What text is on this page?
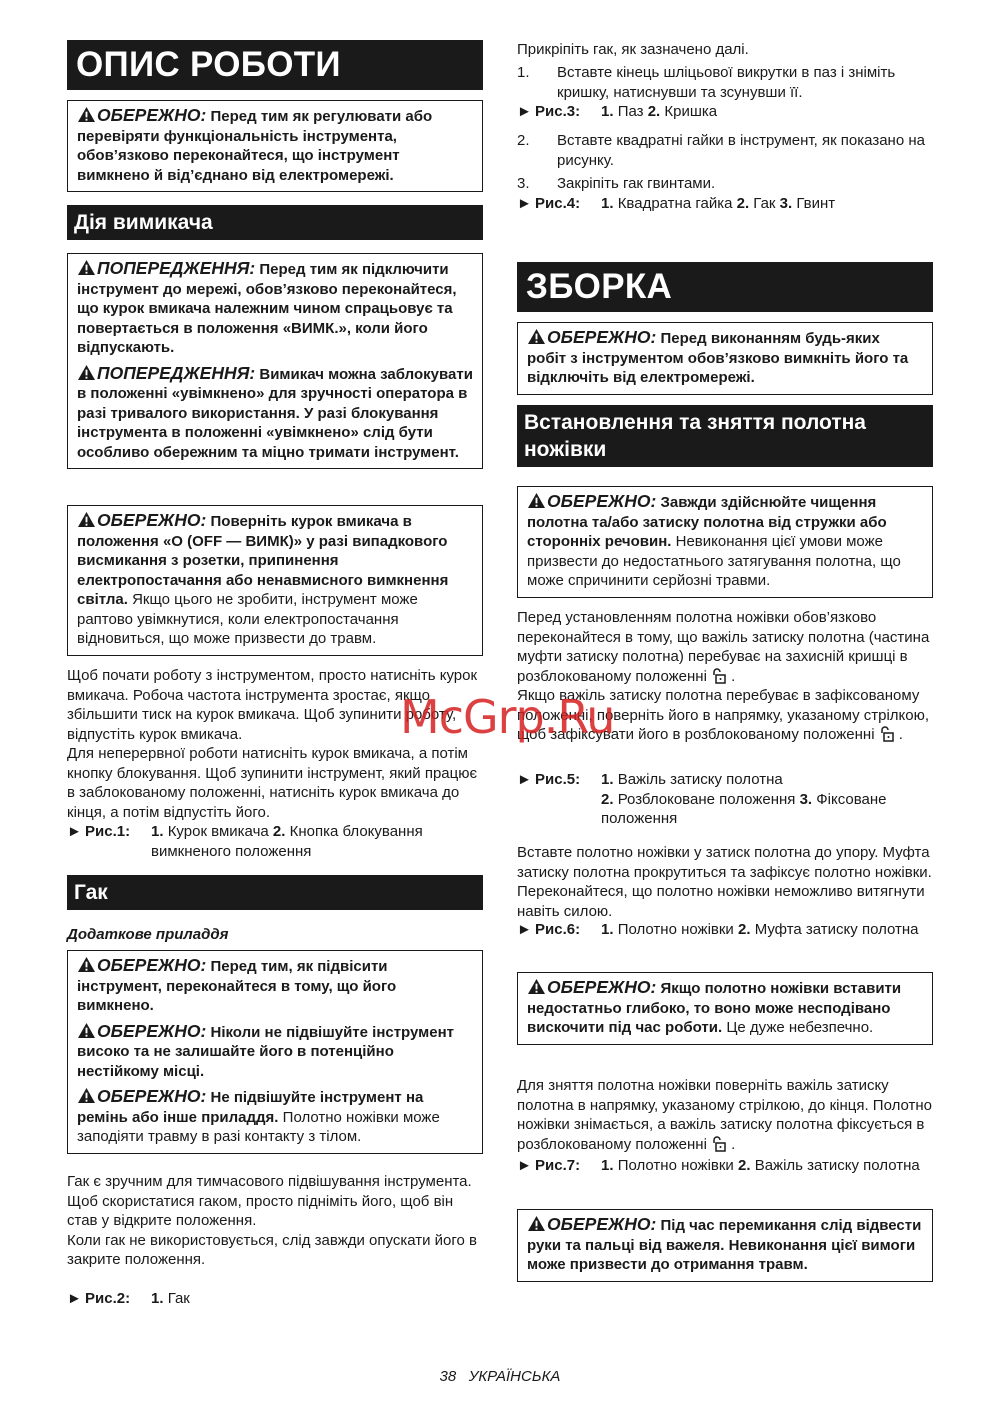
ОПИС РОБОТИ

ОБЕРЕЖНО: Перед тим як регулювати або перевіряти функціональність інструмента, обов’язково переконайтеся, що інструмент вимкнено й від’єднано від електромережі.

Дія вимикача

ПОПЕРЕДЖЕННЯ: Перед тим як підключити інструмент до мережі, обов’язково переконайтеся, що курок вмикача належним чином спрацьовує та повертається в положення «ВИМК.», коли його відпускають.

ПОПЕРЕДЖЕННЯ: Вимикач можна заблокувати в положенні «увімкнено» для зручності оператора в разі тривалого використання. У разі блокування інструмента в положенні «увімкнено» слід бути особливо обережним та міцно тримати інструмент.

ОБЕРЕЖНО: Поверніть курок вмикача в положення «O (OFF — ВИМК)» у разі випадкового висмикання з розетки, припинення електропостачання або ненавмисного вимкнення світла. Якщо цього не зробити, інструмент може раптово увімкнутися, коли електропостачання відновиться, що може призвести до травм.

Щоб почати роботу з інструментом, просто натисніть курок вмикача. Робоча частота інструмента зростає, якщо збільшити тиск на курок вмикача. Щоб зупинити роботу, відпустіть курок вмикача.

Для неперервної роботи натисніть курок вмикача, а потім кнопку блокування. Щоб зупинити інструмент, який працює в заблокованому положенні, натисніть курок вмикача до кінця, а потім відпустіть його.

► Рис.1: 1. Курок вмикача 2. Кнопка блокування вимкненого положення
Гак
Додаткове приладдя

ОБЕРЕЖНО: Перед тим, як підвісити інструмент, переконайтеся в тому, що його вимкнено.

ОБЕРЕЖНО: Ніколи не підвішуйте інструмент високо та не залишайте його в потенційно нестійкому місці.

ОБЕРЕЖНО: Не підвішуйте інструмент на ремінь або інше приладдя. Полотно ножівки може заподіяти травму в разі контакту з тілом.

Гак є зручним для тимчасового підвішування інструмента.

Щоб скористатися гаком, просто підніміть його, щоб він став у відкрите положення.

Коли гак не використовується, слід завжди опускати його в закрите положення.

► Рис.2: 1. Гак
Прикріпіть гак, як зазначено далі.
1. Вставте кінець шліцьової викрутки в паз і зніміть кришку, натиснувши та зсунувши її.
► Рис.3: 1. Паз 2. Кришка
2. Вставте квадратні гайки в інструмент, як показано на рисунку.
3. Закріпіть гак гвинтами.
► Рис.4: 1. Квадратна гайка 2. Гак 3. Гвинт
ЗБОРКА

ОБЕРЕЖНО: Перед виконанням будь-яких робіт з інструментом обов’язково вимкніть його та відключіть від електромережі.

Встановлення та зняття полотна ножівки

ОБЕРЕЖНО: Завжди здійснюйте чищення полотна та/або затиску полотна від стружки або сторонніх речовин. Невиконання цієї умови може призвести до недостатнього затягування полотна, що може спричинити серйозні травми.

Перед установленням полотна ножівки обов’язково переконайтеся в тому, що важіль затиску полотна (частина муфти затиску полотна) перебуває на захисній кришці в розблокованому положенні .

Якщо важіль затиску полотна перебуває в зафіксованому положенні, поверніть його в напрямку, указаному стрілкою, щоб зафіксувати його в розблокованому положенні .

► Рис.5: 1. Важіль затиску полотна
2. Розблоковане положення 3. Фіксоване положення
Вставте полотно ножівки у затиск полотна до упору. Муфта затиску полотна прокрутиться та зафіксує полотно ножівки. Переконайтеся, що полотно ножівки неможливо витягнути навіть силою.
► Рис.6: 1. Полотно ножівки 2. Муфта затиску полотна

ОБЕРЕЖНО: Якщо полотно ножівки вставити недостатньо глибоко, то воно може несподівано вискочити під час роботи. Це дуже небезпечно.

Для зняття полотна ножівки поверніть важіль затиску полотна в напрямку, указаному стрілкою, до кінця. Полотно ножівки знімається, а важіль затиску полотна фіксується в розблокованому положенні .

► Рис.7: 1. Полотно ножівки 2. Важіль затиску полотна

ОБЕРЕЖНО: Під час перемикання слід відвести руки та пальці від важеля. Невиконання цієї вимоги може призвести до отримання травм.

McGrp.Ru
38 УКРАЇНСЬКА
